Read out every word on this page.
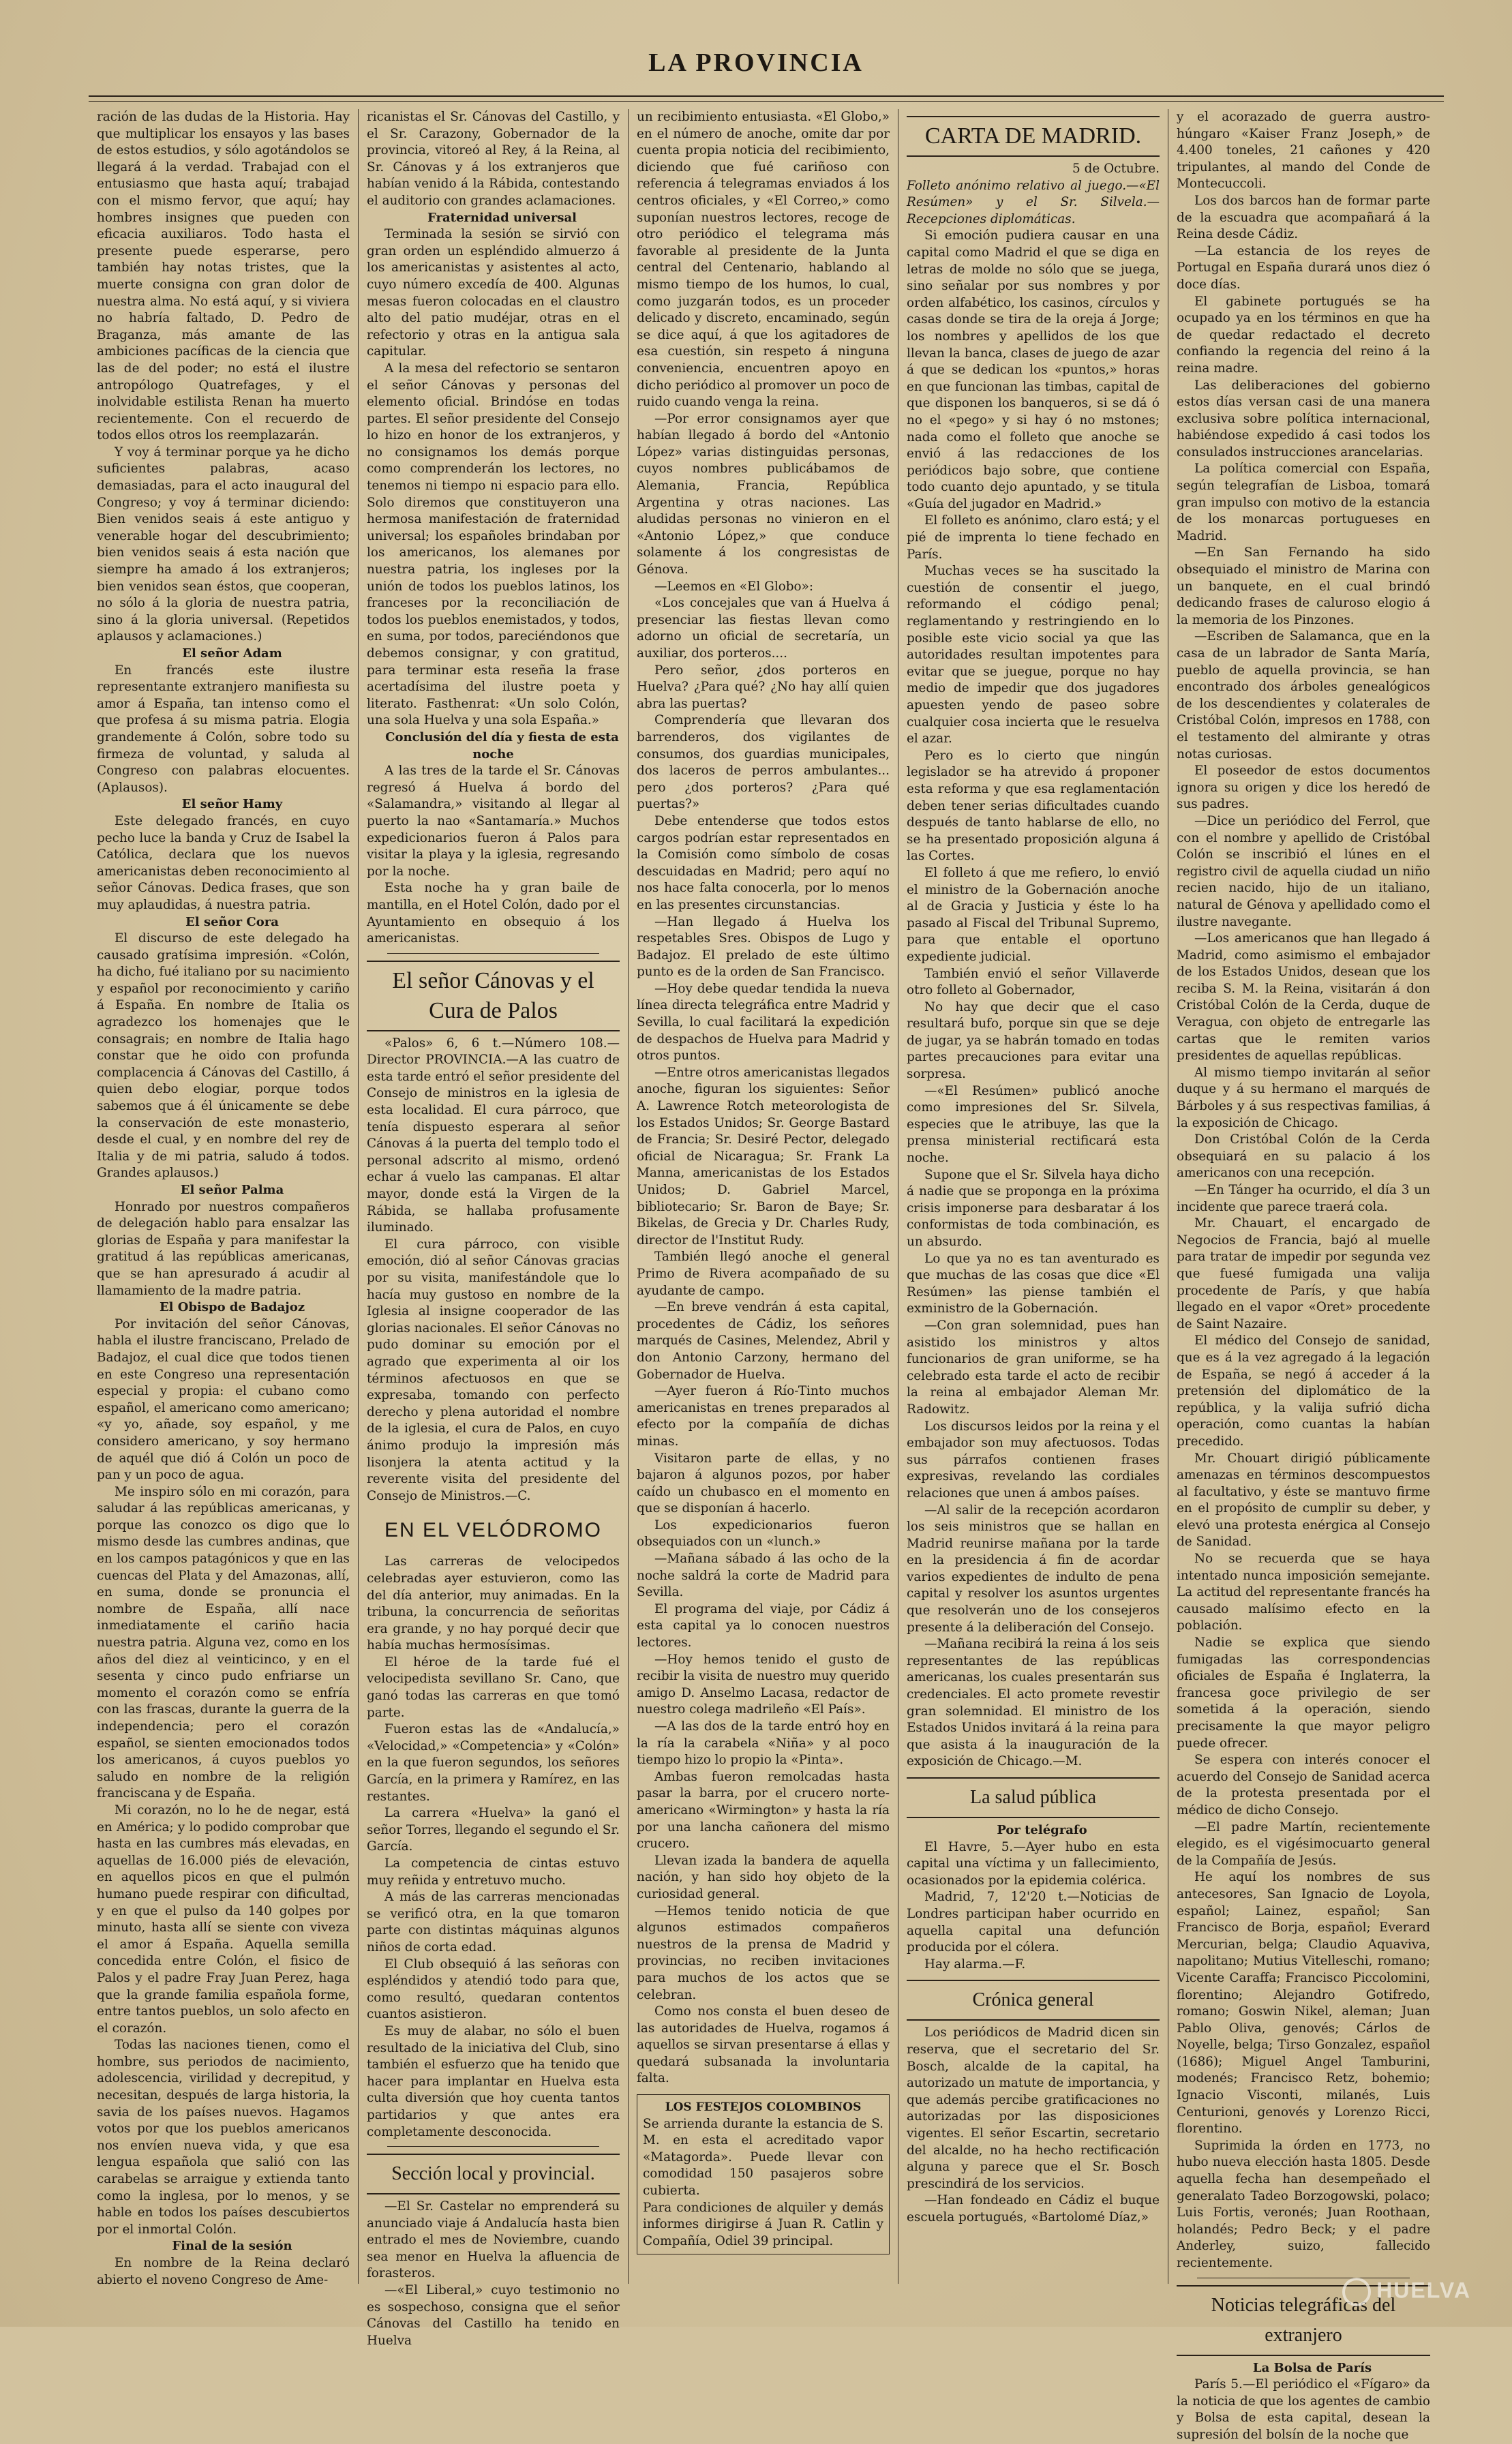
LA PROVINCIA

ración de las dudas de la Historia. Hay que multiplicar los ensayos y las bases de estos estudios, y sólo agotándolos se llegará á la verdad. Trabajad con el entusiasmo que hasta aquí; trabajad con el mismo fervor, que aquí; hay hombres insignes que pueden con eficacia auxiliaros. Todo hasta el presente puede esperarse, pero también hay notas tristes, que la muerte consigna con gran dolor de nuestra alma. No está aquí, y si viviera no habría faltado, D. Pedro de Braganza, más amante de las ambiciones pacíficas de la ciencia que las de del poder; no está el ilustre antropólogo Quatrefages, y el inolvidable estilista Renan ha muerto recientemente. Con el recuerdo de todos ellos otros los reemplazarán.

Y voy á terminar porque ya he dicho suficientes palabras, acaso demasiadas, para el acto inaugural del Congreso; y voy á terminar diciendo: Bien venidos seais á este antiguo y venerable hogar del descubrimiento; bien venidos seais á esta nación que siempre ha amado á los extranjeros; bien venidos sean éstos, que cooperan, no sólo á la gloria de nuestra patria, sino á la gloria universal. (Repetidos aplausos y aclamaciones.)

El señor Adam

En francés este ilustre representante extranjero manifiesta su amor á España, tan intenso como el que profesa á su misma patria. Elogia grandemente á Colón, sobre todo su firmeza de voluntad, y saluda al Congreso con palabras elocuentes. (Aplausos).

El señor Hamy

Este delegado francés, en cuyo pecho luce la banda y Cruz de Isabel la Católica, declara que los nuevos americanistas deben reconocimiento al señor Cánovas. Dedica frases, que son muy aplaudidas, á nuestra patria.

El señor Cora

El discurso de este delegado ha causado gratísima impresión. «Colón, ha dicho, fué italiano por su nacimiento y español por reconocimiento y cariño á España. En nombre de Italia os agradezco los homenajes que le consagrais; en nombre de Italia hago constar que he oido con profunda complacencia á Cánovas del Castillo, á quien debo elogiar, porque todos sabemos que á él únicamente se debe la conservación de este monasterio, desde el cual, y en nombre del rey de Italia y de mi patria, saludo á todos. Grandes aplausos.)

El señor Palma

Honrado por nuestros compañeros de delegación hablo para ensalzar las glorias de España y para manifestar la gratitud á las repúblicas americanas, que se han apresurado á acudir al llamamiento de la madre patria.

El Obispo de Badajoz

Por invitación del señor Cánovas, habla el ilustre franciscano, Prelado de Badajoz, el cual dice que todos tienen en este Congreso una representación especial y propia: el cubano como español, el americano como americano; «y yo, añade, soy español, y me considero americano, y soy hermano de aquél que dió á Colón un poco de pan y un poco de agua.

Me inspiro sólo en mi corazón, para saludar á las repúblicas americanas, y porque las conozco os digo que lo mismo desde las cumbres andinas, que en los campos patagónicos y que en las cuencas del Plata y del Amazonas, allí, en suma, donde se pronuncia el nombre de España, allí nace inmediatamente el cariño hacia nuestra patria. Alguna vez, como en los años del diez al veinticinco, y en el sesenta y cinco pudo enfriarse un momento el corazón como se enfría con las frascas, durante la guerra de la independencia; pero el corazón español, se sienten emocionados todos los americanos, á cuyos pueblos yo saludo en nombre de la religión franciscana y de España.

Mi corazón, no lo he de negar, está en América; y lo podido comprobar que hasta en las cumbres más elevadas, en aquellas de 16.000 piés de elevación, en aquellos picos en que el pulmón humano puede respirar con dificultad, y en que el pulso da 140 golpes por minuto, hasta allí se siente con viveza el amor á España. Aquella semilla concedida entre Colón, el fisico de Palos y el padre Fray Juan Perez, haga que la grande familia española forme, entre tantos pueblos, un solo afecto en el corazón.

Todas las naciones tienen, como el hombre, sus periodos de nacimiento, adolescencia, virilidad y decrepitud, y necesitan, después de larga historia, la savia de los países nuevos. Hagamos votos por que los pueblos americanos nos envíen nueva vida, y que esa lengua española que salió con las carabelas se arraigue y extienda tanto como la inglesa, por lo menos, y se hable en todos los países descubiertos por el inmortal Colón.

Final de la sesión

En nombre de la Reina declaró abierto el noveno Congreso de Ame-

ricanistas el Sr. Cánovas del Castillo, y el Sr. Carazony, Gobernador de la provincia, vitoreó al Rey, á la Reina, al Sr. Cánovas y á los extranjeros que habían venido á la Rábida, contestando el auditorio con grandes aclamaciones.

Fraternidad universal

Terminada la sesión se sirvió con gran orden un espléndido almuerzo á los americanistas y asistentes al acto, cuyo número excedía de 400. Algunas mesas fueron colocadas en el claustro alto del patio mudéjar, otras en el refectorio y otras en la antigua sala capitular.

A la mesa del refectorio se sentaron el señor Cánovas y personas del elemento oficial. Brindóse en todas partes. El señor presidente del Consejo lo hizo en honor de los extranjeros, y no consignamos los demás porque como comprenderán los lectores, no tenemos ni tiempo ni espacio para ello. Solo diremos que constituyeron una hermosa manifestación de fraternidad universal; los españoles brindaban por los americanos, los alemanes por nuestra patria, los ingleses por la unión de todos los pueblos latinos, los franceses por la reconciliación de todos los pueblos enemistados, y todos, en suma, por todos, pareciéndonos que debemos consignar, y con gratitud, para terminar esta reseña la frase acertadísima del ilustre poeta y literato. Fasthenrat: «Un solo Colón, una sola Huelva y una sola España.»

Conclusión del día y fiesta de esta noche

A las tres de la tarde el Sr. Cánovas regresó á Huelva á bordo del «Salamandra,» visitando al llegar al puerto la nao «Santamaría.» Muchos expedicionarios fueron á Palos para visitar la playa y la iglesia, regresando por la noche.

Esta noche ha y gran baile de mantilla, en el Hotel Colón, dado por el Ayuntamiento en obsequio á los americanistas.

El señor Cánovas y el Cura de Palos

«Palos» 6, 6 t.—Número 108.—Director PROVINCIA.—A las cuatro de esta tarde entró el señor presidente del Consejo de ministros en la iglesia de esta localidad. El cura párroco, que tenía dispuesto esperara al señor Cánovas á la puerta del templo todo el personal adscrito al mismo, ordenó echar á vuelo las campanas. El altar mayor, donde está la Virgen de la Rábida, se hallaba profusamente iluminado.

El cura párroco, con visible emoción, dió al señor Cánovas gracias por su visita, manifestándole que lo hacía muy gustoso en nombre de la Iglesia al insigne cooperador de las glorias nacionales. El señor Cánovas no pudo dominar su emoción por el agrado que experimenta al oir los términos afectuosos en que se expresaba, tomando con perfecto derecho y plena autoridad el nombre de la iglesia, el cura de Palos, en cuyo ánimo produjo la impresión más lisonjera la atenta actitud y la reverente visita del presidente del Consejo de Ministros.—C.

EN EL VELÓDROMO

Las carreras de velocipedos celebradas ayer estuvieron, como las del día anterior, muy animadas. En la tribuna, la concurrencia de señoritas era grande, y no hay porqué decir que había muchas hermosísimas.

El héroe de la tarde fué el velocipedista sevillano Sr. Cano, que ganó todas las carreras en que tomó parte.

Fueron estas las de «Andalucía,» «Velocidad,» «Competencia» y «Colón» en la que fueron segundos, los señores García, en la primera y Ramírez, en las restantes.

La carrera «Huelva» la ganó el señor Torres, llegando el segundo el Sr. García.

La competencia de cintas estuvo muy reñida y entretuvo mucho.

A más de las carreras mencionadas se verificó otra, en la que tomaron parte con distintas máquinas algunos niños de corta edad.

El Club obsequió á las señoras con espléndidos y atendió todo para que, como resultó, quedaran contentos cuantos asistieron.

Es muy de alabar, no sólo el buen resultado de la iniciativa del Club, sino también el esfuerzo que ha tenido que hacer para implantar en Huelva esta culta diversión que hoy cuenta tantos partidarios y que antes era completamente desconocida.

Sección local y provincial.

—El Sr. Castelar no emprenderá su anunciado viaje á Andalucía hasta bien entrado el mes de Noviembre, cuando sea menor en Huelva la afluencia de forasteros.

—«El Liberal,» cuyo testimonio no es sospechoso, consigna que el señor Cánovas del Castillo ha tenido en Huelva

un recibimiento entusiasta. «El Globo,» en el número de anoche, omite dar por cuenta propia noticia del recibimiento, diciendo que fué cariñoso con referencia á telegramas enviados á los centros oficiales, y «El Correo,» como suponían nuestros lectores, recoge de otro periódico el telegrama más favorable al presidente de la Junta central del Centenario, hablando al mismo tiempo de los humos, lo cual, como juzgarán todos, es un proceder delicado y discreto, encaminado, según se dice aquí, á que los agitadores de esa cuestión, sin respeto á ninguna conveniencia, encuentren apoyo en dicho periódico al promover un poco de ruido cuando venga la reina.

—Por error consignamos ayer que habían llegado á bordo del «Antonio López» varias distinguidas personas, cuyos nombres publicábamos de Alemania, Francia, República Argentina y otras naciones. Las aludidas personas no vinieron en el «Antonio López,» que conduce solamente á los congresistas de Génova.

—Leemos en «El Globo»:

«Los concejales que van á Huelva á presenciar las fiestas llevan como adorno un oficial de secretaría, un auxiliar, dos porteros....

Pero señor, ¿dos porteros en Huelva? ¿Para qué? ¿No hay allí quien abra las puertas?

Comprendería que llevaran dos barrenderos, dos vigilantes de consumos, dos guardias municipales, dos laceros de perros ambulantes... pero ¿dos porteros? ¿Para qué puertas?»

Debe entenderse que todos estos cargos podrían estar representados en la Comisión como símbolo de cosas descuidadas en Madrid; pero aquí no nos hace falta conocerla, por lo menos en las presentes circunstancias.

—Han llegado á Huelva los respetables Sres. Obispos de Lugo y Badajoz. El prelado de este último punto es de la orden de San Francisco.

—Hoy debe quedar tendida la nueva línea directa telegráfica entre Madrid y Sevilla, lo cual facilitará la expedición de despachos de Huelva para Madrid y otros puntos.

—Entre otros americanistas llegados anoche, figuran los siguientes: Señor A. Lawrence Rotch meteorologista de los Estados Unidos; Sr. George Bastard de Francia; Sr. Desiré Pector, delegado oficial de Nicaragua; Sr. Frank La Manna, americanistas de los Estados Unidos; D. Gabriel Marcel, bibliotecario; Sr. Baron de Baye; Sr. Bikelas, de Grecia y Dr. Charles Rudy, director de l'Institut Rudy.

También llegó anoche el general Primo de Rivera acompañado de su ayudante de campo.

—En breve vendrán á esta capital, procedentes de Cádiz, los señores marqués de Casines, Melendez, Abril y don Antonio Carzony, hermano del Gobernador de Huelva.

—Ayer fueron á Río-Tinto muchos americanistas en trenes preparados al efecto por la compañía de dichas minas.

Visitaron parte de ellas, y no bajaron á algunos pozos, por haber caído un chubasco en el momento en que se disponían á hacerlo.

Los expedicionarios fueron obsequiados con un «lunch.»

—Mañana sábado á las ocho de la noche saldrá la corte de Madrid para Sevilla.

El programa del viaje, por Cádiz á esta capital ya lo conocen nuestros lectores.

—Hoy hemos tenido el gusto de recibir la visita de nuestro muy querido amigo D. Anselmo Lacasa, redactor de nuestro colega madrileño «El País».

—A las dos de la tarde entró hoy en la ría la carabela «Niña» y al poco tiempo hizo lo propio la «Pinta».

Ambas fueron remolcadas hasta pasar la barra, por el crucero norte-americano «Wirmington» y hasta la ría por una lancha cañonera del mismo crucero.

Llevan izada la bandera de aquella nación, y han sido hoy objeto de la curiosidad general.

—Hemos tenido noticia de que algunos estimados compañeros nuestros de la prensa de Madrid y provincias, no reciben invitaciones para muchos de los actos que se celebran.

Como nos consta el buen deseo de las autoridades de Huelva, rogamos á aquellos se sirvan presentarse á ellas y quedará subsanada la involuntaria falta.

LOS FESTEJOS COLOMBINOS

Se arrienda durante la estancia de S. M. en esta el acreditado vapor «Matagorda». Puede llevar con comodidad 150 pasajeros sobre cubierta.

Para condiciones de alquiler y demás informes dirigirse á Juan R. Catlin y Compañía, Odiel 39 principal.

CARTA DE MADRID.

5 de Octubre.

Folleto anónimo relativo al juego.—«El Resúmen» y el Sr. Silvela.—Recepciones diplomáticas.

Si emoción pudiera causar en una capital como Madrid el que se diga en letras de molde no sólo que se juega, sino señalar por sus nombres y por orden alfabético, los casinos, círculos y casas donde se tira de la oreja á Jorge; los nombres y apellidos de los que llevan la banca, clases de juego de azar á que se dedican los «puntos,» horas en que funcionan las timbas, capital de que disponen los banqueros, si se dá ó no el «pego» y si hay ó no mstones; nada como el folleto que anoche se envió á las redacciones de los periódicos bajo sobre, que contiene todo cuanto dejo apuntado, y se titula «Guía del jugador en Madrid.»

El folleto es anónimo, claro está; y el pié de imprenta lo tiene fechado en París.

Muchas veces se ha suscitado la cuestión de consentir el juego, reformando el código penal; reglamentando y restringiendo en lo posible este vicio social ya que las autoridades resultan impotentes para evitar que se juegue, porque no hay medio de impedir que dos jugadores apuesten yendo de paseo sobre cualquier cosa incierta que le resuelva el azar.

Pero es lo cierto que ningún legislador se ha atrevido á proponer esta reforma y que esa reglamentación deben tener serias dificultades cuando después de tanto hablarse de ello, no se ha presentado proposición alguna á las Cortes.

El folleto á que me refiero, lo envió el ministro de la Gobernación anoche al de Gracia y Justicia y éste lo ha pasado al Fiscal del Tribunal Supremo, para que entable el oportuno expediente judicial.

También envió el señor Villaverde otro folleto al Gobernador,

No hay que decir que el caso resultará bufo, porque sin que se deje de jugar, ya se habrán tomado en todas partes precauciones para evitar una sorpresa.

—«El Resúmen» publicó anoche como impresiones del Sr. Silvela, especies que le atribuye, las que la prensa ministerial rectificará esta noche.

Supone que el Sr. Silvela haya dicho á nadie que se proponga en la próxima crisis imponerse para desbaratar á los conformistas de toda combinación, es un absurdo.

Lo que ya no es tan aventurado es que muchas de las cosas que dice «El Resúmen» las piense también el exministro de la Gobernación.

—Con gran solemnidad, pues han asistido los ministros y altos funcionarios de gran uniforme, se ha celebrado esta tarde el acto de recibir la reina al embajador Aleman Mr. Radowitz.

Los discursos leidos por la reina y el embajador son muy afectuosos. Todas sus párrafos contienen frases expresivas, revelando las cordiales relaciones que unen á ambos países.

—Al salir de la recepción acordaron los seis ministros que se hallan en Madrid reunirse mañana por la tarde en la presidencia á fin de acordar varios expedientes de indulto de pena capital y resolver los asuntos urgentes que resolverán uno de los consejeros presente á la deliberación del Consejo.

—Mañana recibirá la reina á los seis representantes de las repúblicas americanas, los cuales presentarán sus credenciales. El acto promete revestir gran solemnidad. El ministro de los Estados Unidos invitará á la reina para que asista á la inauguración de la exposición de Chicago.—M.

La salud pública

Por telégrafo

El Havre, 5.—Ayer hubo en esta capital una víctima y un fallecimiento, ocasionados por la epidemia colérica.

Madrid, 7, 12'20 t.—Noticias de Londres participan haber ocurrido en aquella capital una defunción producida por el cólera.

Hay alarma.—F.

Crónica general

Los periódicos de Madrid dicen sin reserva, que el secretario del Sr. Bosch, alcalde de la capital, ha autorizado un matute de importancia, y que además percibe gratificaciones no autorizadas por las disposiciones vigentes. El señor Escartin, secretario del alcalde, no ha hecho rectificación alguna y parece que el Sr. Bosch prescindirá de los servicios.

—Han fondeado en Cádiz el buque escuela portugués, «Bartolomé Díaz,»

y el acorazado de guerra austro-húngaro «Kaiser Franz Joseph,» de 4.400 toneles, 21 cañones y 420 tripulantes, al mando del Conde de Montecuccoli.

Los dos barcos han de formar parte de la escuadra que acompañará á la Reina desde Cádiz.

—La estancia de los reyes de Portugal en España durará unos diez ó doce días.

El gabinete portugués se ha ocupado ya en los términos en que ha de quedar redactado el decreto confiando la regencia del reino á la reina madre.

Las deliberaciones del gobierno estos días versan casi de una manera exclusiva sobre política internacional, habiéndose expedido á casi todos los consulados instrucciones arancelarias.

La política comercial con España, según telegrafían de Lisboa, tomará gran impulso con motivo de la estancia de los monarcas portugueses en Madrid.

—En San Fernando ha sido obsequiado el ministro de Marina con un banquete, en el cual brindó dedicando frases de caluroso elogio á la memoria de los Pinzones.

—Escriben de Salamanca, que en la casa de un labrador de Santa María, pueblo de aquella provincia, se han encontrado dos árboles genealógicos de los descendientes y colaterales de Cristóbal Colón, impresos en 1788, con el testamento del almirante y otras notas curiosas.

El poseedor de estos documentos ignora su origen y dice los heredó de sus padres.

—Dice un periódico del Ferrol, que con el nombre y apellido de Cristóbal Colón se inscribió el lúnes en el registro civil de aquella ciudad un niño recien nacido, hijo de un italiano, natural de Génova y apellidado como el ilustre navegante.

—Los americanos que han llegado á Madrid, como asimismo el embajador de los Estados Unidos, desean que los reciba S. M. la Reina, visitarán á don Cristóbal Colón de la Cerda, duque de Veragua, con objeto de entregarle las cartas que le remiten varios presidentes de aquellas repúblicas.

Al mismo tiempo invitarán al señor duque y á su hermano el marqués de Bárboles y á sus respectivas familias, á la exposición de Chicago.

Don Cristóbal Colón de la Cerda obsequiará en su palacio á los americanos con una recepción.

—En Tánger ha ocurrido, el día 3 un incidente que parece traerá cola.

Mr. Chauart, el encargado de Negocios de Francia, bajó al muelle para tratar de impedir por segunda vez que fuesé fumigada una valija procedente de París, y que había llegado en el vapor «Oret» procedente de Saint Nazaire.

El médico del Consejo de sanidad, que es á la vez agregado á la legación de España, se negó á acceder á la pretensión del diplomático de la república, y la valija sufrió dicha operación, como cuantas la habían precedido.

Mr. Chouart dirigió públicamente amenazas en términos descompuestos al facultativo, y éste se mantuvo firme en el propósito de cumplir su deber, y elevó una protesta enérgica al Consejo de Sanidad.

No se recuerda que se haya intentado nunca imposición semejante. La actitud del representante francés ha causado malísimo efecto en la población.

Nadie se explica que siendo fumigadas las correspondencias oficiales de España é Inglaterra, la francesa goce privilegio de ser sometida á la operación, siendo precisamente la que mayor peligro puede ofrecer.

Se espera con interés conocer el acuerdo del Consejo de Sanidad acerca de la protesta presentada por el médico de dicho Consejo.

—El padre Martín, recientemente elegido, es el vigésimocuarto general de la Compañía de Jesús.

He aquí los nombres de sus antecesores, San Ignacio de Loyola, español; Lainez, español; San Francisco de Borja, español; Everard Mercurian, belga; Claudio Aquaviva, napolitano; Mutius Vitelleschi, romano; Vicente Caraffa; Francisco Piccolomini, florentino; Alejandro Gotifredo, romano; Goswin Nikel, aleman; Juan Pablo Oliva, genovés; Cárlos de Noyelle, belga; Tirso Gonzalez, español (1686); Miguel Angel Tamburini, modenés; Francisco Retz, bohemio; Ignacio Visconti, milanés, Luis Centurioni, genovés y Lorenzo Ricci, florentino.

Suprimida la órden en 1773, no hubo nueva elección hasta 1805. Desde aquella fecha han desempeñado el generalato Tadeo Borzogowski, polaco; Luis Fortis, veronés; Juan Roothaan, holandés; Pedro Beck; y el padre Anderley, suizo, fallecido recientemente.

Noticias telegráficas del extranjero

La Bolsa de París

París 5.—El periódico el «Fígaro» da la noticia de que los agentes de cambio y Bolsa de esta capital, desean la supresión del bolsín de la noche que

HUELVA
